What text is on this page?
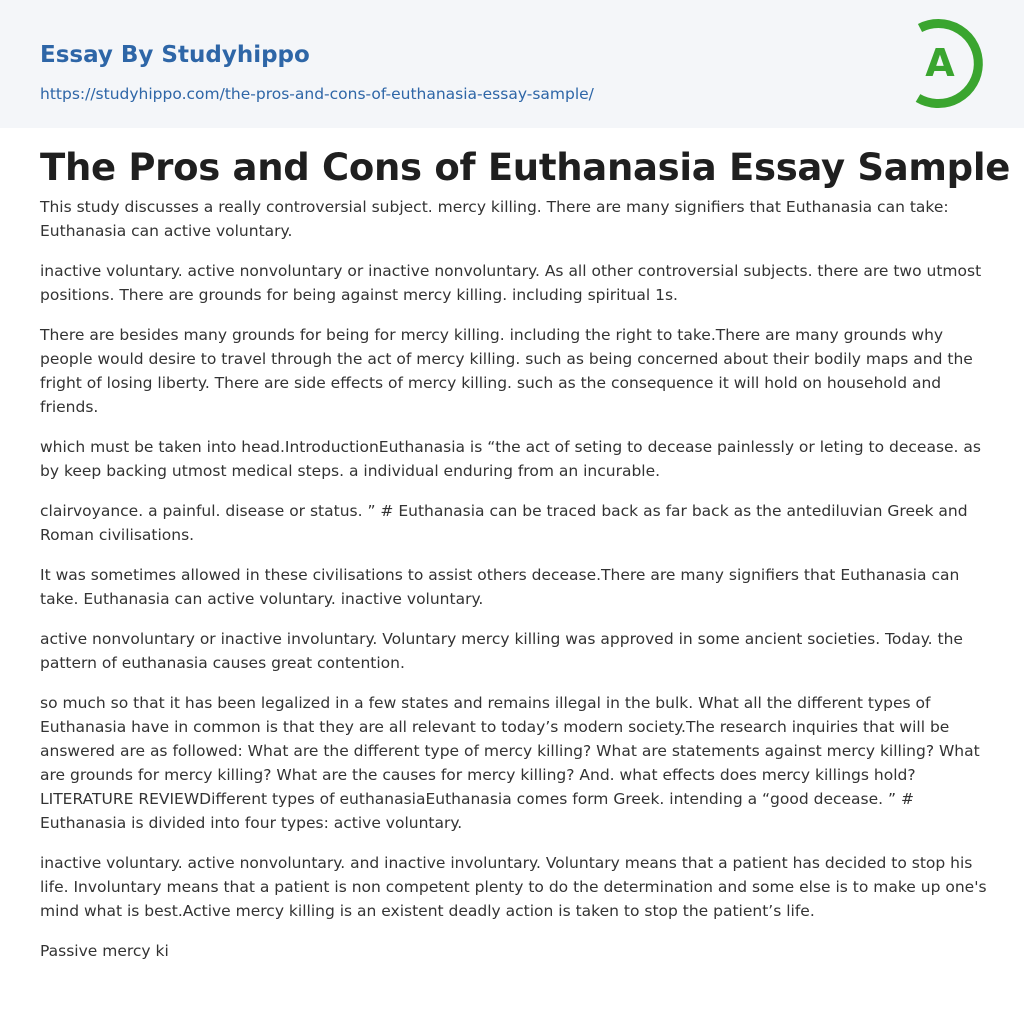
Essay By Studyhippo
https://studyhippo.com/the-pros-and-cons-of-euthanasia-essay-sample/
A
The Pros and Cons of Euthanasia Essay Sample

This study discusses a really controversial subject. mercy killing. There are many signifiers that Euthanasia can take: Euthanasia can active voluntary.

inactive voluntary. active nonvoluntary or inactive nonvoluntary. As all other controversial subjects. there are two utmost positions. There are grounds for being against mercy killing. including spiritual 1s.

There are besides many grounds for being for mercy killing. including the right to take.There are many grounds why people would desire to travel through the act of mercy killing. such as being concerned about their bodily maps and the fright of losing liberty. There are side effects of mercy killing. such as the consequence it will hold on household and friends.

which must be taken into head.IntroductionEuthanasia is “the act of seting to decease painlessly or leting to decease. as by keep backing utmost medical steps. a individual enduring from an incurable.

clairvoyance. a painful. disease or status. ” # Euthanasia can be traced back as far back as the antediluvian Greek and Roman civilisations.

It was sometimes allowed in these civilisations to assist others decease.There are many signifiers that Euthanasia can take. Euthanasia can active voluntary. inactive voluntary.

active nonvoluntary or inactive involuntary. Voluntary mercy killing was approved in some ancient societies. Today. the pattern of euthanasia causes great contention.

so much so that it has been legalized in a few states and remains illegal in the bulk. What all the different types of Euthanasia have in common is that they are all relevant to today’s modern society.The research inquiries that will be answered are as followed: What are the different type of mercy killing? What are statements against mercy killing? What are grounds for mercy killing? What are the causes for mercy killing? And. what effects does mercy killings hold? LITERATURE REVIEWDifferent types of euthanasiaEuthanasia comes form Greek. intending a “good decease. ” # Euthanasia is divided into four types: active voluntary.

inactive voluntary. active nonvoluntary. and inactive involuntary. Voluntary means that a patient has decided to stop his life. Involuntary means that a patient is non competent plenty to do the determination and some else is to make up one's mind what is best.Active mercy killing is an existent deadly action is taken to stop the patient’s life.

Passive mercy ki
